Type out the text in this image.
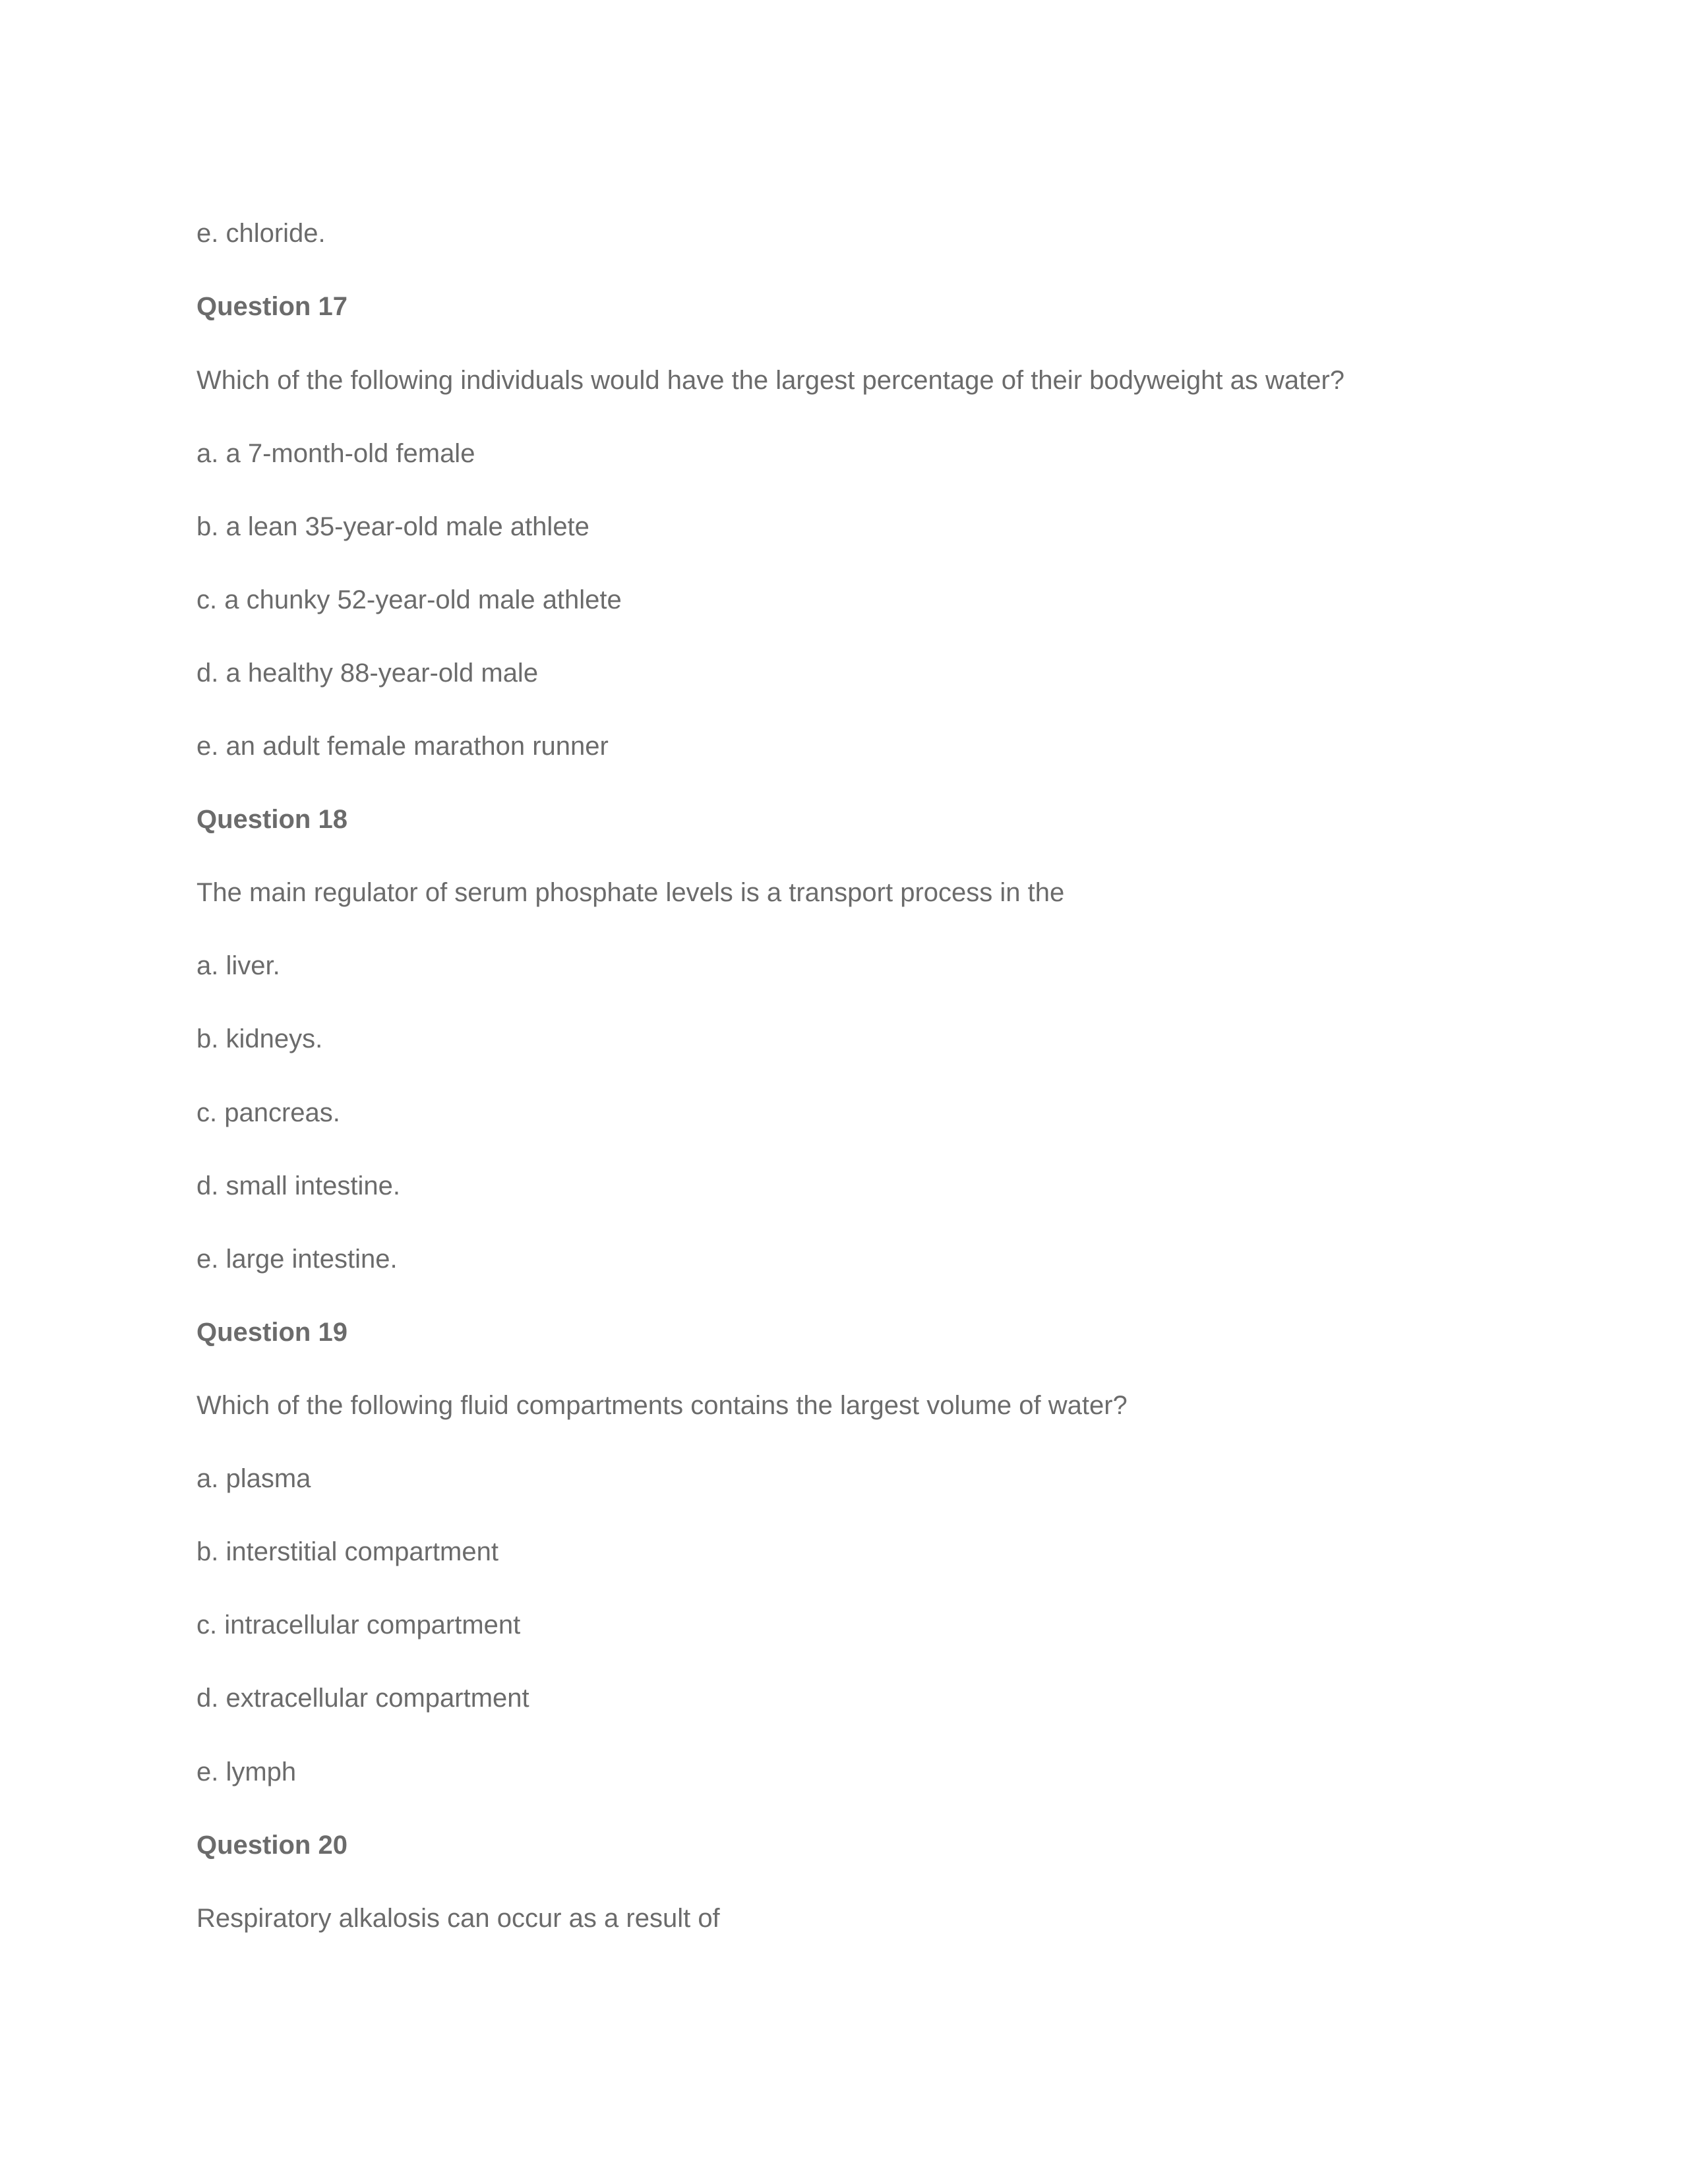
e. chloride.

Question 17

Which of the following individuals would have the largest percentage of their bodyweight as water?

a. a 7-month-old female

b. a lean 35-year-old male athlete

c. a chunky 52-year-old male athlete

d. a healthy 88-year-old male

e. an adult female marathon runner

Question 18

The main regulator of serum phosphate levels is a transport process in the

a. liver.

b. kidneys.

c. pancreas.

d. small intestine.

e. large intestine.

Question 19

Which of the following fluid compartments contains the largest volume of water?

a. plasma

b. interstitial compartment

c. intracellular compartment

d. extracellular compartment

e. lymph

Question 20

Respiratory alkalosis can occur as a result of
